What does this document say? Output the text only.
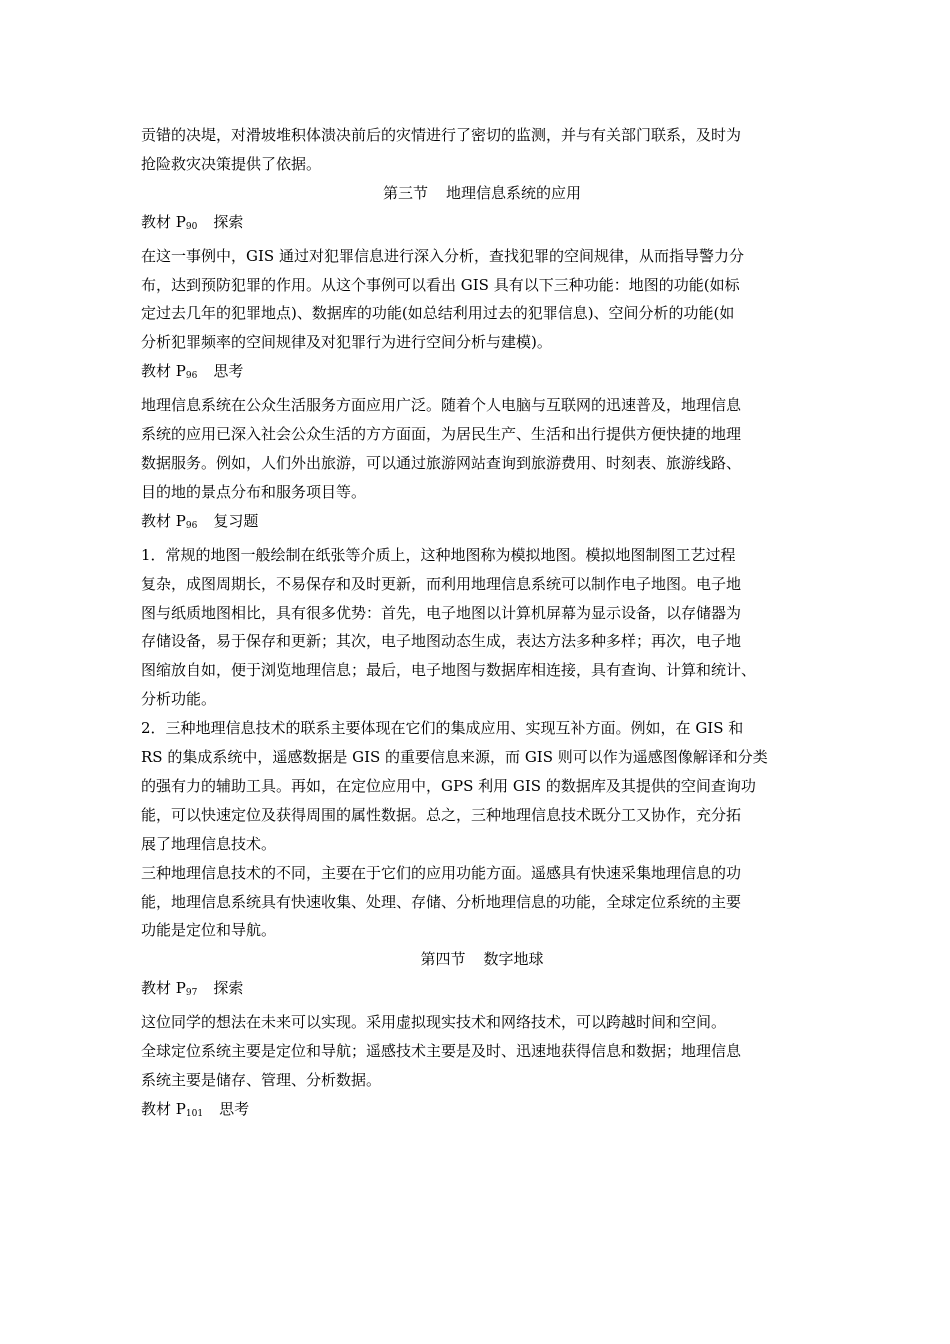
贡错的决堤，对滑坡堆积体溃决前后的灾情进行了密切的监测，并与有关部门联系，及时为
抢险救灾决策提供了依据。
第三节 地理信息系统的应用
教材 $P_{90}$ 探索
在这一事例中，GIS 通过对犯罪信息进行深入分析，查找犯罪的空间规律，从而指导警力分
布，达到预防犯罪的作用。从这个事例可以看出 GIS 具有以下三种功能：地图的功能(如标
定过去几年的犯罪地点)、数据库的功能(如总结利用过去的犯罪信息)、空间分析的功能(如
分析犯罪频率的空间规律及对犯罪行为进行空间分析与建模)。
教材 $P_{96}$ 思考
地理信息系统在公众生活服务方面应用广泛。随着个人电脑与互联网的迅速普及，地理信息
系统的应用已深入社会公众生活的方方面面，为居民生产、生活和出行提供方便快捷的地理
数据服务。例如，人们外出旅游，可以通过旅游网站查询到旅游费用、时刻表、旅游线路、
目的地的景点分布和服务项目等。
教材 $P_{96}$ 复习题
1．常规的地图一般绘制在纸张等介质上，这种地图称为模拟地图。模拟地图制图工艺过程
复杂，成图周期长，不易保存和及时更新，而利用地理信息系统可以制作电子地图。电子地
图与纸质地图相比，具有很多优势：首先，电子地图以计算机屏幕为显示设备，以存储器为
存储设备，易于保存和更新；其次，电子地图动态生成，表达方法多种多样；再次，电子地
图缩放自如，便于浏览地理信息；最后，电子地图与数据库相连接，具有查询、计算和统计、
分析功能。
2．三种地理信息技术的联系主要体现在它们的集成应用、实现互补方面。例如，在 GIS 和
RS 的集成系统中，遥感数据是 GIS 的重要信息来源，而 GIS 则可以作为遥感图像解译和分类
的强有力的辅助工具。再如，在定位应用中，GPS 利用 GIS 的数据库及其提供的空间查询功
能，可以快速定位及获得周围的属性数据。总之，三种地理信息技术既分工又协作，充分拓
展了地理信息技术。
三种地理信息技术的不同，主要在于它们的应用功能方面。遥感具有快速采集地理信息的功
能，地理信息系统具有快速收集、处理、存储、分析地理信息的功能，全球定位系统的主要
功能是定位和导航。
第四节 数字地球
教材 $P_{97}$ 探索
这位同学的想法在未来可以实现。采用虚拟现实技术和网络技术，可以跨越时间和空间。
全球定位系统主要是定位和导航；遥感技术主要是及时、迅速地获得信息和数据；地理信息
系统主要是储存、管理、分析数据。
教材 $P_{101}$ 思考
